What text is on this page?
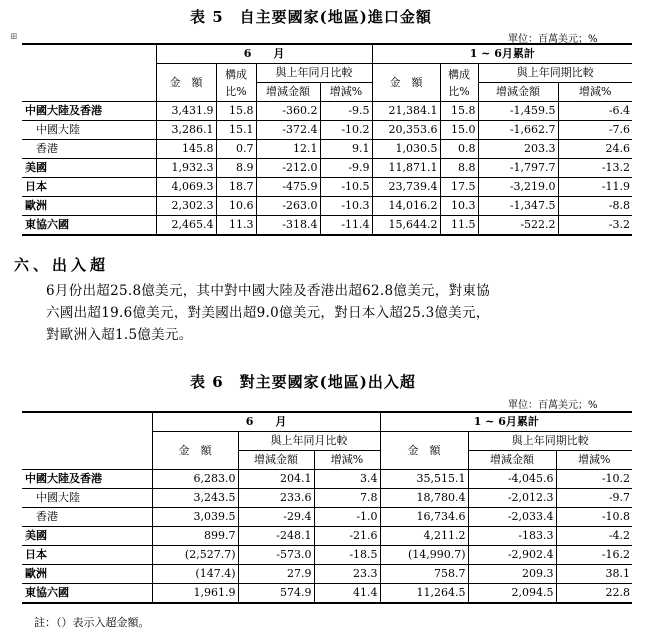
表 5　自主要國家(地區)進口金額
單位：百萬美元；%
⊞
	6　　月				1 ~ 6月累計			
	金　額	構成比%	與上年同月比較		金　額	構成比%	與上年同期比較	
			增減金額	增減%			增減金額	增減%
中國大陸及香港	3,431.9	15.8	-360.2	-9.5	21,384.1	15.8	-1,459.5	-6.4
中國大陸	3,286.1	15.1	-372.4	-10.2	20,353.6	15.0	-1,662.7	-7.6
香港	145.8	0.7	12.1	9.1	1,030.5	0.8	203.3	24.6
美國	1,932.3	8.9	-212.0	-9.9	11,871.1	8.8	-1,797.7	-13.2
日本	4,069.3	18.7	-475.9	-10.5	23,739.4	17.5	-3,219.0	-11.9
歐洲	2,302.3	10.6	-263.0	-10.3	14,016.2	10.3	-1,347.5	-8.8
東協六國	2,465.4	11.3	-318.4	-11.4	15,644.2	11.5	-522.2	-3.2
六、出入超
6月份出超25.8億美元，其中對中國大陸及香港出超62.8億美元，對東協
六國出超19.6億美元，對美國出超9.0億美元，對日本入超25.3億美元，
對歐洲入超1.5億美元。
表 6　對主要國家(地區)出入超
單位：百萬美元；%
	6　　月			1 ~ 6月累計		
	金　額	與上年同月比較		金　額	與上年同期比較	
		增減金額	增減%		增減金額	增減%
中國大陸及香港	6,283.0	204.1	3.4	35,515.1	-4,045.6	-10.2
中國大陸	3,243.5	233.6	7.8	18,780.4	-2,012.3	-9.7
香港	3,039.5	-29.4	-1.0	16,734.6	-2,033.4	-10.8
美國	899.7	-248.1	-21.6	4,211.2	-183.3	-4.2
日本	(2,527.7)	-573.0	-18.5	(14,990.7)	-2,902.4	-16.2
歐洲	(147.4)	27.9	23.3	758.7	209.3	38.1
東協六國	1,961.9	574.9	41.4	11,264.5	2,094.5	22.8
註：（）表示入超金額。
